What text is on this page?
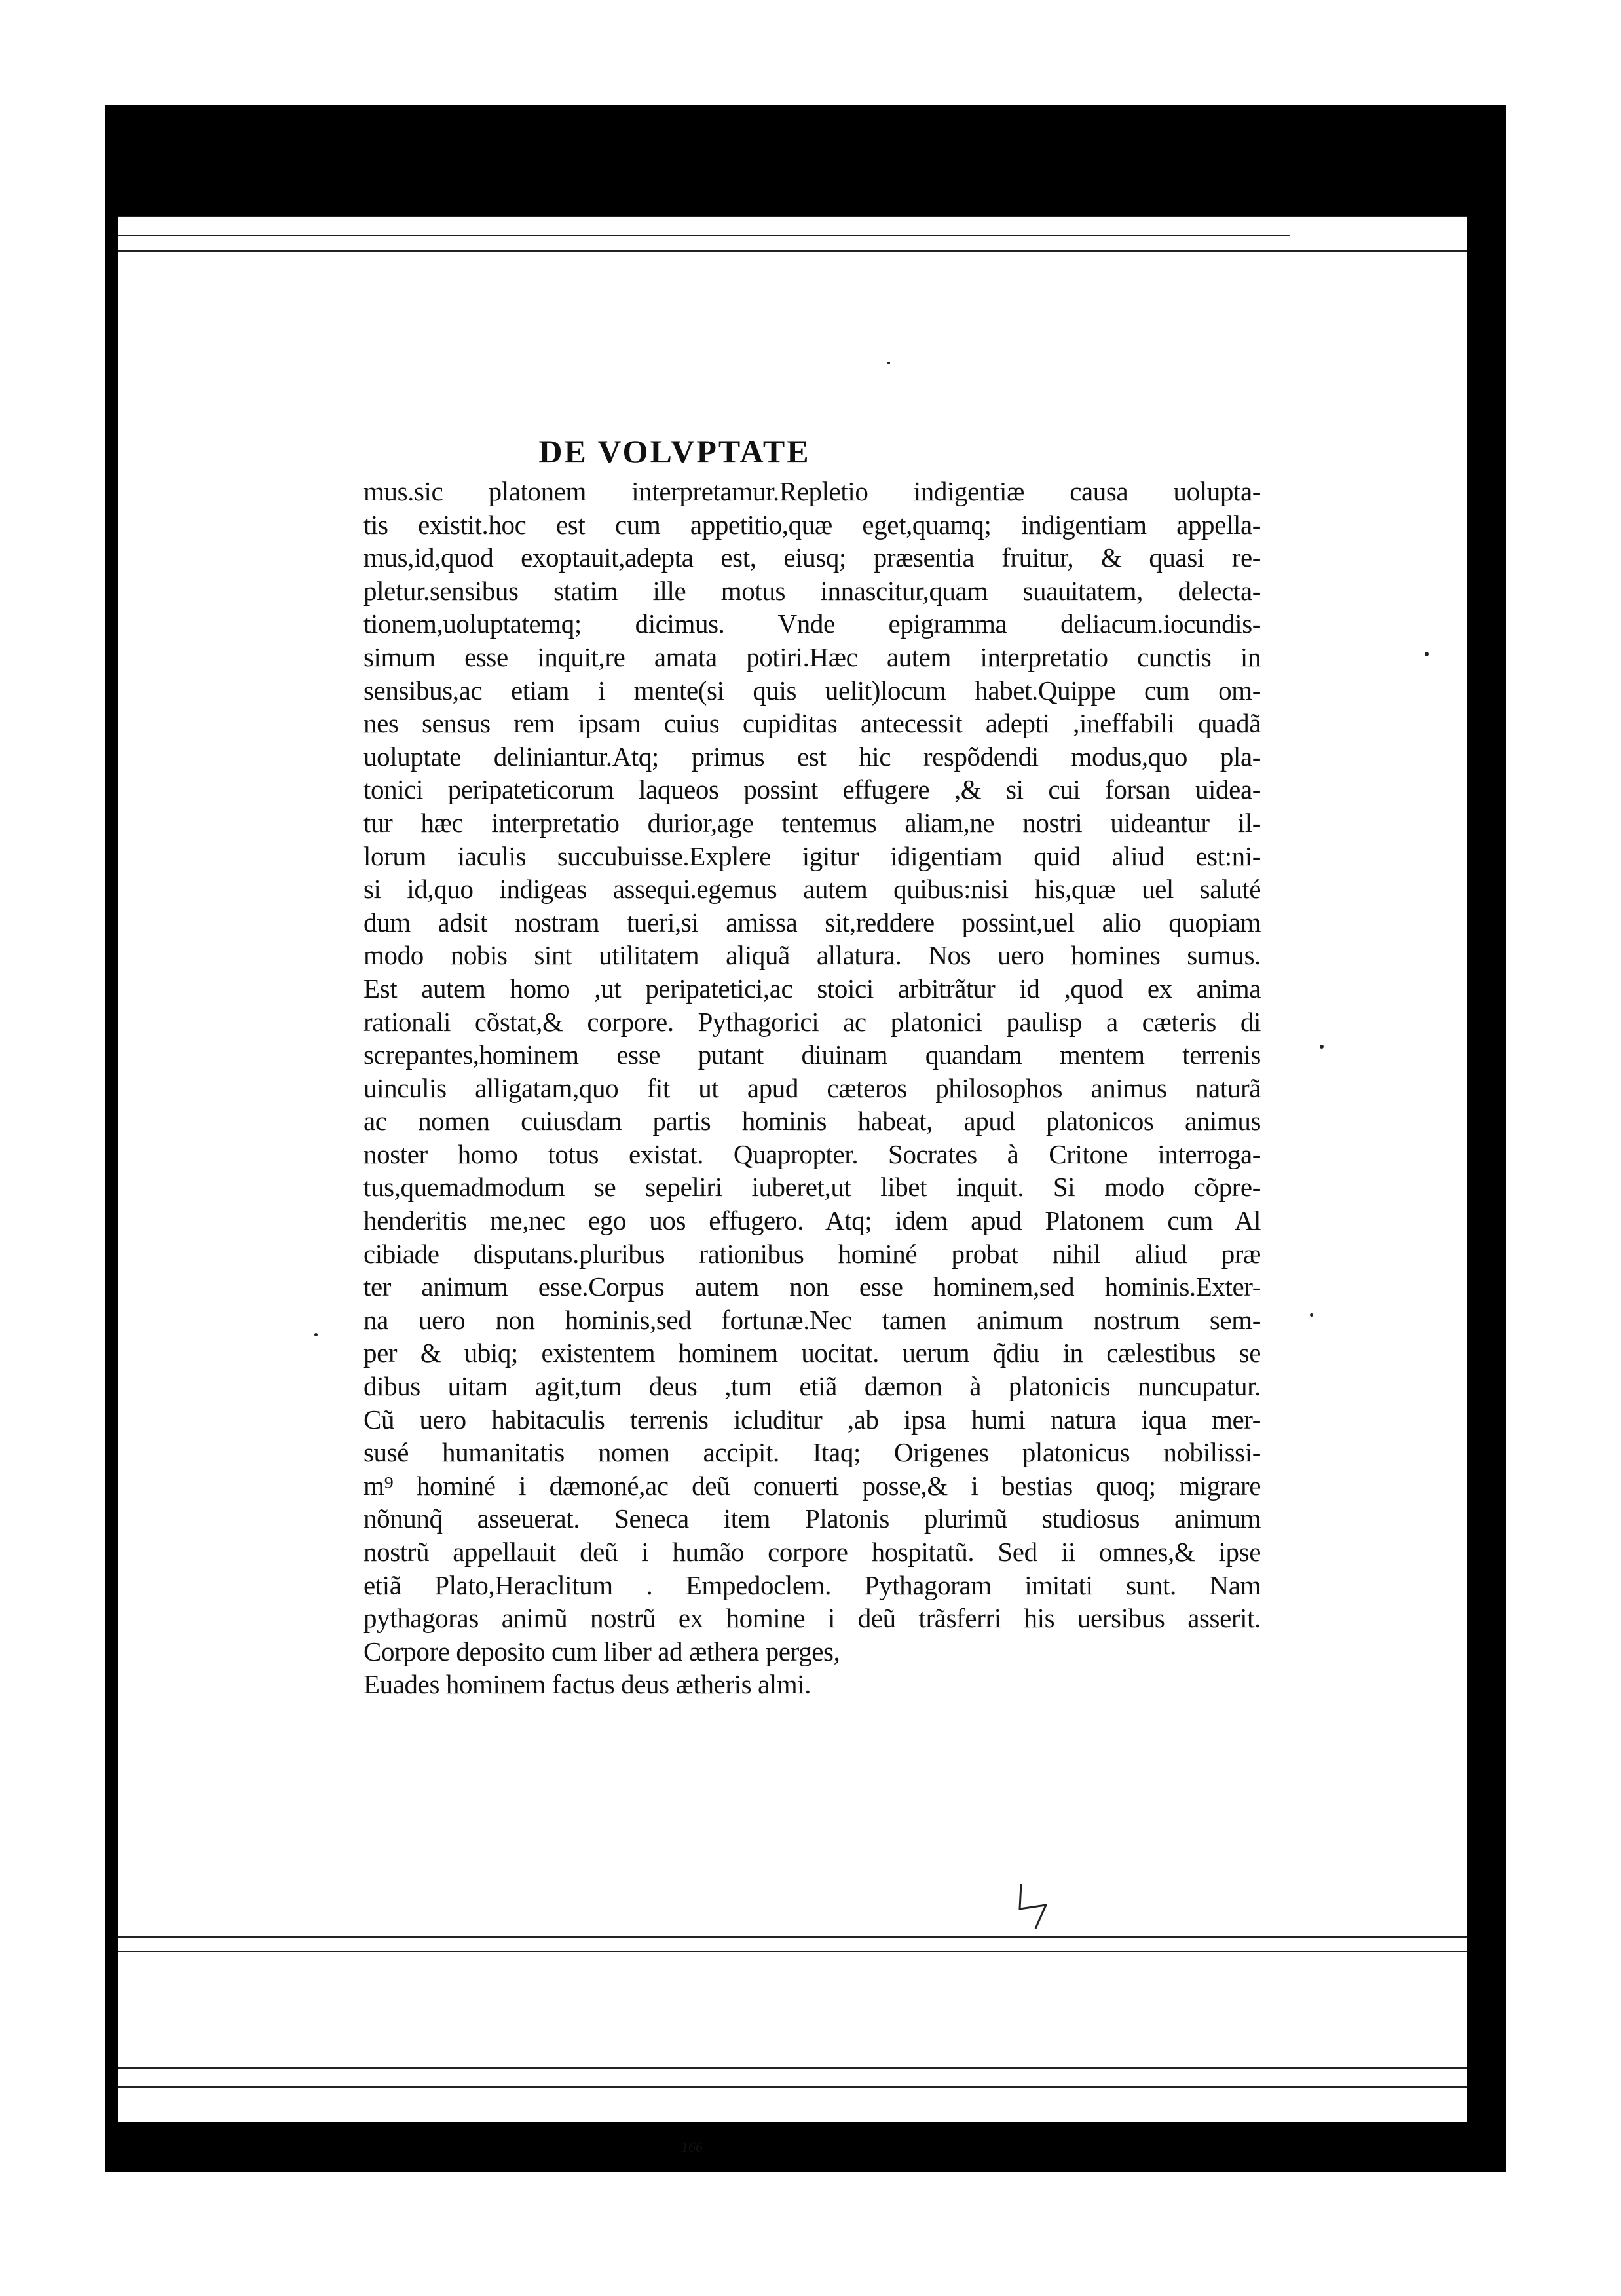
DE VOLVPTATE
mus.sic platonem interpretamur.Repletio indigentiæ causa uolupta-
tis existit.hoc est cum appetitio,quæ eget,quamq; indigentiam appella-
mus,id,quod exoptauit,adepta est, eiusq; præsentia fruitur, & quasi re-
pletur.sensibus statim ille motus innascitur,quam suauitatem, delecta-
tionem,uoluptatemq; dicimus. Vnde epigramma deliacum.iocundis-
simum esse inquit,re amata potiri.Hæc autem interpretatio cunctis in
sensibus,ac etiam i mente(si quis uelit)locum habet.Quippe cum om-
nes sensus rem ipsam cuius cupiditas antecessit adepti ,ineffabili quadã
uoluptate deliniantur.Atq; primus est hic respõdendi modus,quo pla-
tonici peripateticorum laqueos possint effugere ,& si cui forsan uidea-
tur hæc interpretatio durior,age tentemus aliam,ne nostri uideantur il-
lorum iaculis succubuisse.Explere igitur idigentiam quid aliud est:ni-
si id,quo indigeas assequi.egemus autem quibus:nisi his,quæ uel saluté
dum adsit nostram tueri,si amissa sit,reddere possint,uel alio quopiam
modo nobis sint utilitatem aliquã allatura. Nos uero homines sumus.
Est autem homo ,ut peripatetici,ac stoici arbitrãtur id ,quod ex anima
rationali cõstat,& corpore. Pythagorici ac platonici paulisp a cæteris di
screpantes,hominem esse putant diuinam quandam mentem terrenis
uinculis alligatam,quo fit ut apud cæteros philosophos animus naturã
ac nomen cuiusdam partis hominis habeat, apud platonicos animus
noster homo totus existat. Quapropter. Socrates à Critone interroga-
tus,quemadmodum se sepeliri iuberet,ut libet inquit. Si modo cõpre-
henderitis me,nec ego uos effugero. Atq; idem apud Platonem cum Al
cibiade disputans.pluribus rationibus hominé probat nihil aliud præ
ter animum esse.Corpus autem non esse hominem,sed hominis.Exter-
na uero non hominis,sed fortunæ.Nec tamen animum nostrum sem-
per & ubiq; existentem hominem uocitat. uerum q̃diu in cælestibus se
dibus uitam agit,tum deus ,tum etiã dæmon à platonicis nuncupatur.
Cũ uero habitaculis terrenis icluditur ,ab ipsa humi natura iqua mer-
susé humanitatis nomen accipit. Itaq; Origenes platonicus nobilissi-
m⁹ hominé i dæmoné,ac deũ conuerti posse,& i bestias quoq; migrare
nõnunq̃ asseuerat. Seneca item Platonis plurimũ studiosus animum
nostrũ appellauit deũ i humão corpore hospitatũ. Sed ii omnes,& ipse
etiã Plato,Heraclitum . Empedoclem. Pythagoram imitati sunt. Nam
pythagoras animũ nostrũ ex homine i deũ trãsferri his uersibus asserit.
Corpore deposito cum liber ad æthera perges,
Euades hominem factus deus ætheris almi.
166
